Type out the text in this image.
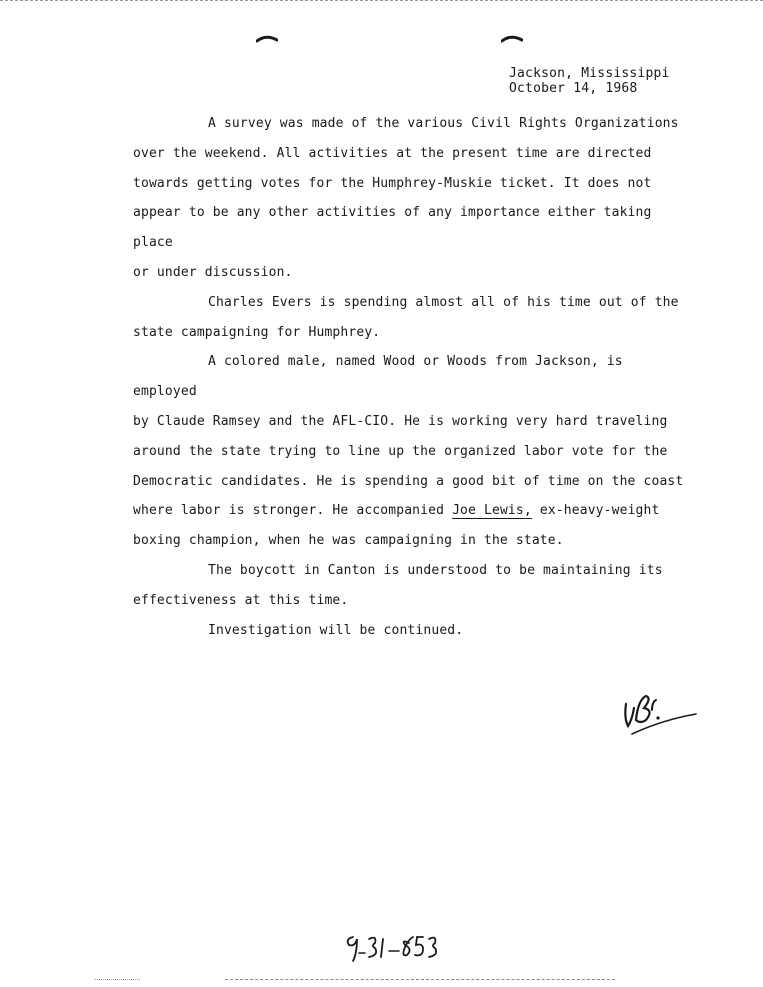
Jackson, Mississippi
October 14, 1968

A survey was made of the various Civil Rights Organizations
over the weekend. All activities at the present time are directed
towards getting votes for the Humphrey-Muskie ticket. It does not
appear to be any other activities of any importance either taking place
or under discussion.

Charles Evers is spending almost all of his time out of the
state campaigning for Humphrey.

A colored male, named Wood or Woods from Jackson, is employed
by Claude Ramsey and the AFL-CIO. He is working very hard traveling
around the state trying to line up the organized labor vote for the
Democratic candidates. He is spending a good bit of time on the coast
where labor is stronger. He accompanied Joe Lewis, ex-heavy-weight
boxing champion, when he was campaigning in the state.

The boycott in Canton is understood to be maintaining its
effectiveness at this time.

Investigation will be continued.
